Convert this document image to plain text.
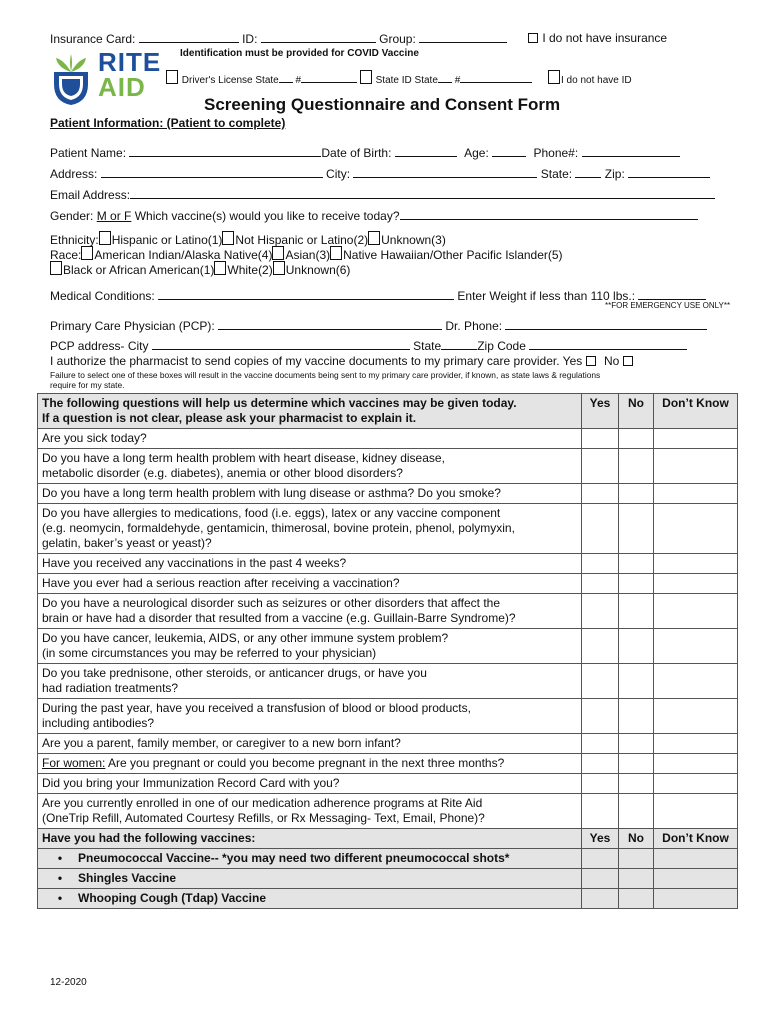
Insurance Card:	ID:	Group:	I do not have insurance
Identification must be provided for COVID Vaccine
RITE
AID	Driver's License State #	State ID State #	I do not have ID
Screening Questionnaire and Consent Form
Patient Information: (Patient to complete)
Patient Name:	Date of Birth:	Age:	Phone#:
Address:	City:	State:	Zip:
Email Address:
Gender: M or F Which vaccine(s) would you like to receive today?
Ethnicity: Hispanic or Latino(1) Not Hispanic or Latino(2) Unknown(3)
Race: American Indian/Alaska Native(4) Asian(3) Native Hawaiian/Other Pacific Islander(5)
Black or African American(1) White(2) Unknown(6)
Medical Conditions:	Enter Weight if less than 110 lbs.:
**FOR EMERGENCY USE ONLY**
Primary Care Physician (PCP):	Dr. Phone:
PCP address- City	State	Zip Code
I authorize the pharmacist to send copies of my vaccine documents to my primary care provider. Yes No
Failure to select one of these boxes will result in the vaccine documents being sent to my primary care provider, if known, as state laws & regulations
require for my state.
The following questions will help us determine which vaccines may be given today.
If a question is not clear, please ask your pharmacist to explain it.	Yes	No	Don’t Know

Are you sick today?			

Do you have a long term health problem with heart disease, kidney disease,
metabolic disorder (e.g. diabetes), anemia or other blood disorders?			

Do you have a long term health problem with lung disease or asthma? Do you smoke?			

Do you have allergies to medications, food (i.e. eggs), latex or any vaccine component
(e.g. neomycin, formaldehyde, gentamicin, thimerosal, bovine protein, phenol, polymyxin,
gelatin, baker’s yeast or yeast)?			

Have you received any vaccinations in the past 4 weeks?			

Have you ever had a serious reaction after receiving a vaccination?			

Do you have a neurological disorder such as seizures or other disorders that affect the
brain or have had a disorder that resulted from a vaccine (e.g. Guillain-Barre Syndrome)?			

Do you have cancer, leukemia, AIDS, or any other immune system problem?
(in some circumstances you may be referred to your physician)			

Do you take prednisone, other steroids, or anticancer drugs, or have you
had radiation treatments?			

During the past year, have you received a transfusion of blood or blood products,
including antibodies?			

Are you a parent, family member, or caregiver to a new born infant?			

For women: Are you pregnant or could you become pregnant in the next three months?			

Did you bring your Immunization Record Card with you?			

Are you currently enrolled in one of our medication adherence programs at Rite Aid
(OneTrip Refill, Automated Courtesy Refills, or Rx Messaging- Text, Email, Phone)?			

Have you had the following vaccines:	Yes	No	Don’t Know
• Pneumococcal Vaccine-- *you may need two different pneumococcal shots*			
• Shingles Vaccine			
• Whooping Cough (Tdap) Vaccine			
12-2020
